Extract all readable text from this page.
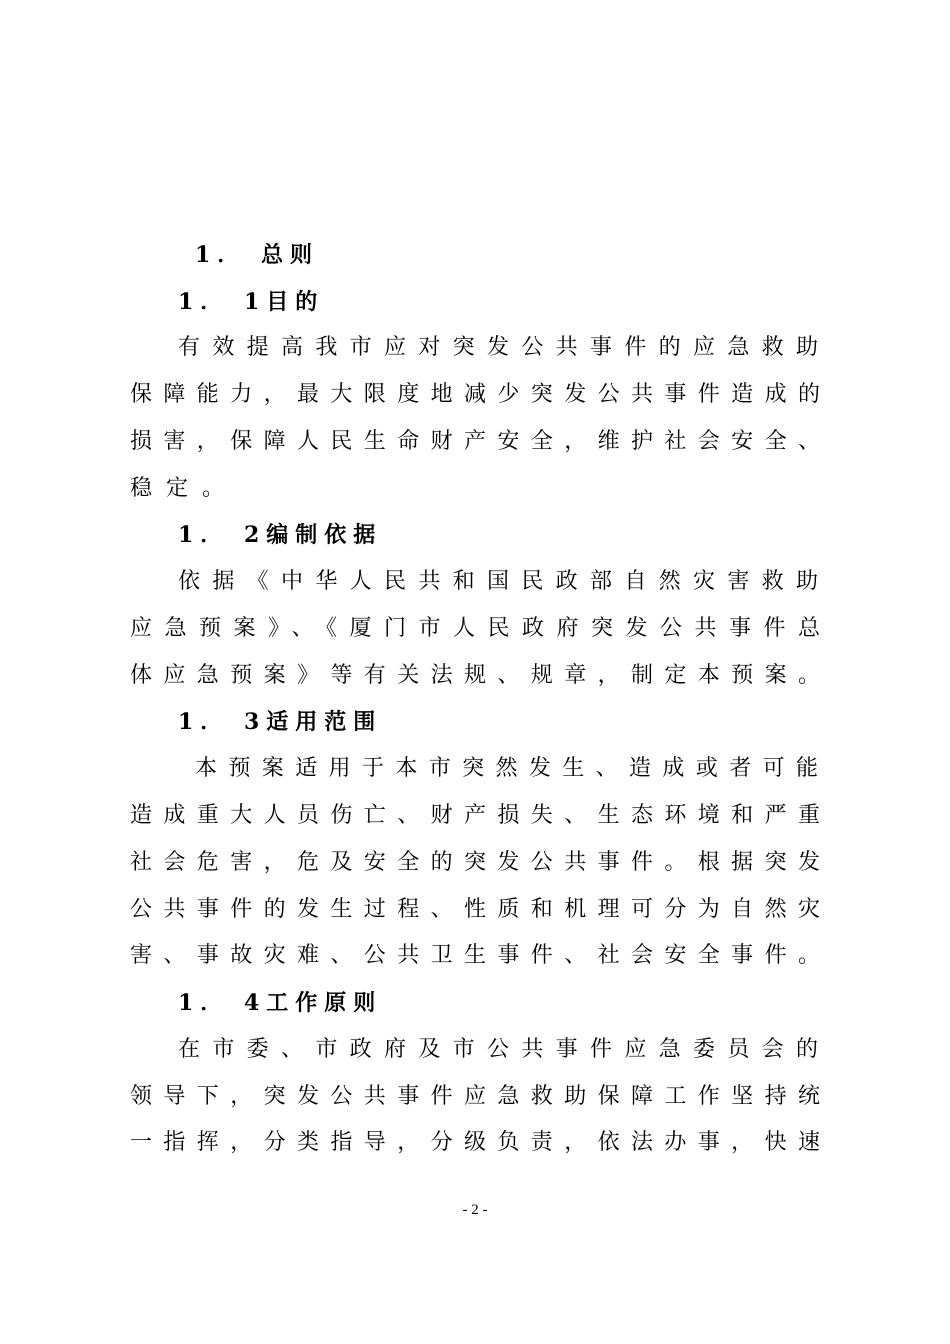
1． 总则
1． 1目的
有效提高我市应对突发公共事件的应急救助
保障能力，最大限度地减少突发公共事件造成的
损害，保障人民生命财产安全，维护社会安全、
稳定。
1． 2编制依据
依据《中华人民共和国民政部自然灾害救助
应急预案》、《厦门市人民政府突发公共事件总
体应急预案》等有关法规、规章，制定本预案。
1． 3适用范围
本预案适用于本市突然发生、造成或者可能
造成重大人员伤亡、财产损失、生态环境和严重
社会危害，危及安全的突发公共事件。根据突发
公共事件的发生过程、性质和机理可分为自然灾
害、事故灾难、公共卫生事件、社会安全事件。
1． 4工作原则
在市委、市政府及市公共事件应急委员会的
领导下，突发公共事件应急救助保障工作坚持统
一指挥，分类指导，分级负责，依法办事，快速
- 2 -
